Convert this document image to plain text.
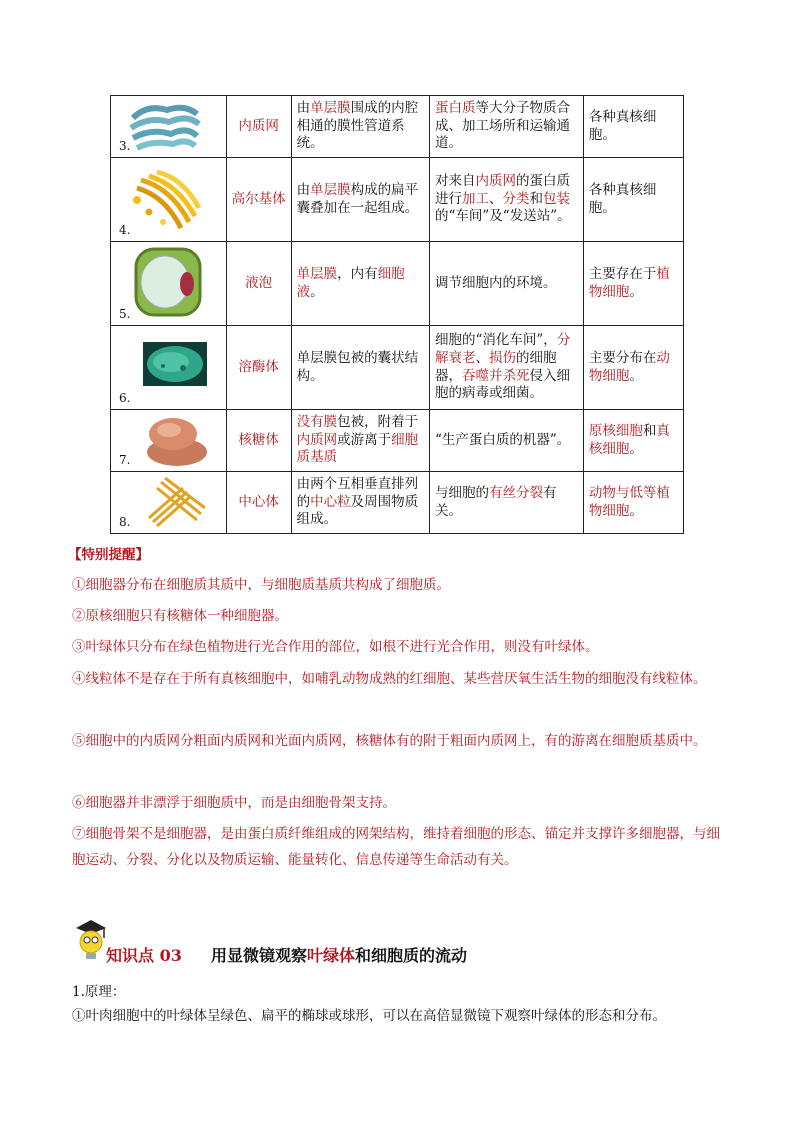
3.	内质网	由单层膜围成的内腔相通的膜性管道系统。	蛋白质等大分子物质合成、加工场所和运输通道。	各种真核细胞。

4.	高尔基体	由单层膜构成的扁平囊叠加在一起组成。	对来自内质网的蛋白质进行加工、分类和包装的“车间”及“发送站”。	各种真核细胞。

5.	液泡	单层膜，内有细胞液。	调节细胞内的环境。	主要存在于植物细胞。

6.	溶酶体	单层膜包被的囊状结构。	细胞的“消化车间”，分解衰老、损伤的细胞器，吞噬并杀死侵入细胞的病毒或细菌。	主要分布在动物细胞。

7.	核糖体	没有膜包被，附着于内质网或游离于细胞质基质	“生产蛋白质的机器”。	原核细胞和真核细胞。

8.	中心体	由两个互相垂直排列的中心粒及周围物质组成。	与细胞的有丝分裂有关。	动物与低等植物细胞。
【特别提醒】
①细胞器分布在细胞质其质中，与细胞质基质共构成了细胞质。
②原核细胞只有核糖体一种细胞器。
③叶绿体只分布在绿色植物进行光合作用的部位，如根不进行光合作用，则没有叶绿体。
④线粒体不是存在于所有真核细胞中，如哺乳动物成熟的红细胞、某些营厌氧生活生物的细胞没有线粒体。
⑤细胞中的内质网分粗面内质网和光面内质网，核糖体有的附于粗面内质网上，有的游离在细胞质基质中。
⑥细胞器并非漂浮于细胞质中，而是由细胞骨架支持。
⑦细胞骨架不是细胞器，是由蛋白质纤维组成的网架结构，维持着细胞的形态、锚定并支撑许多细胞器，与细胞运动、分裂、分化以及物质运输、能量转化、信息传递等生命活动有关。
知识点 03 用显微镜观察叶绿体和细胞质的流动
1.原理：
①叶肉细胞中的叶绿体呈绿色、扁平的椭球或球形，可以在高倍显微镜下观察叶绿体的形态和分布。
